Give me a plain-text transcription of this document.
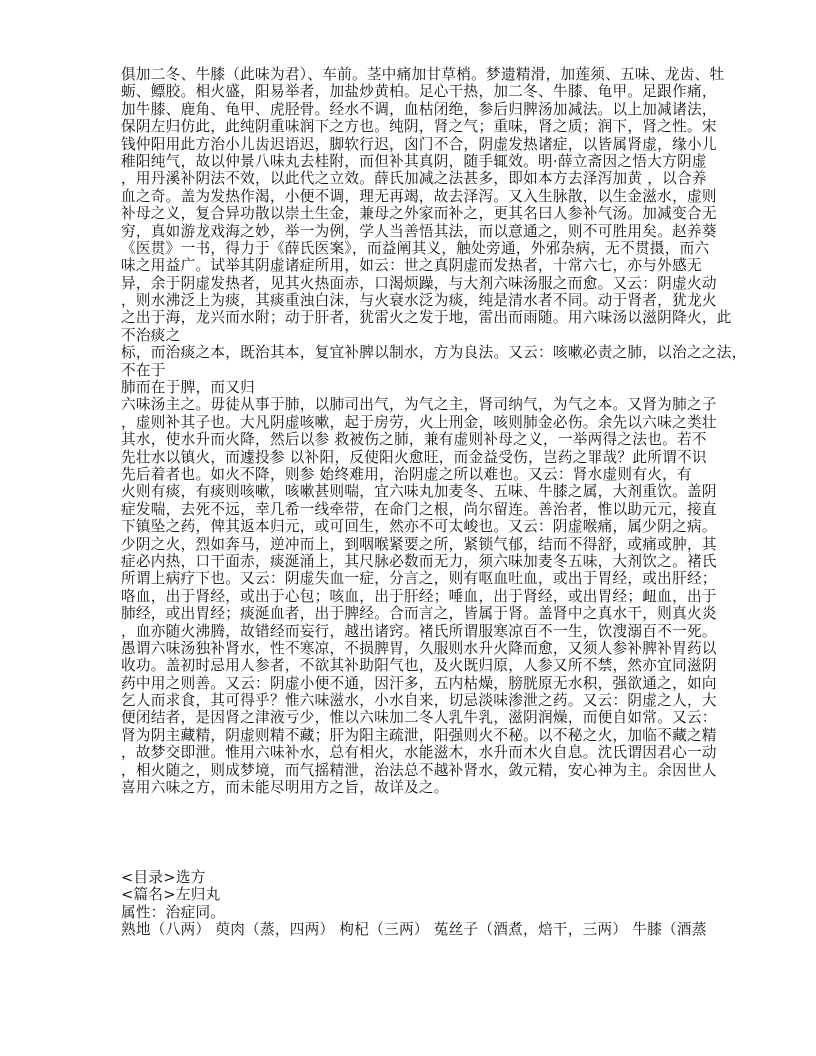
俱加二冬、牛膝（此味为君）、车前。茎中痛加甘草梢。梦遗精滑，加莲须、五味、龙齿、牡
蛎、鳔胶。相火盛，阳易举者，加盐炒黄柏。足心干热，加二冬、牛膝、龟甲。足跟作痛，
加牛膝、鹿角、龟甲、虎胫骨。经水不调，血枯闭绝，参后归脾汤加减法。以上加减诸法，
保阴左归仿此，此纯阴重味润下之方也。纯阴，肾之气；重味，肾之质；润下，肾之性。宋
钱仲阳用此方治小儿齿迟语迟，脚软行迟，囟门不合，阴虚发热诸症，以皆属肾虚，缘小儿
稚阳纯气，故以仲景八味丸去桂附，而但补其真阴，随手辄效。明·薛立斋因之悟大方阴虚
，用丹溪补阴法不效，以此代之立效。薛氏加减之法甚多，即如本方去泽泻加黄 ，以合养
血之奇。盖为发热作渴，小便不调，理无再竭，故去泽泻。又入生脉散，以生金滋水，虚则
补母之义，复合异功散以崇土生金，兼母之外家而补之，更其名曰人参补气汤。加减变合无
穷，真如游龙戏海之妙，举一为例，学人当善悟其法，而以意通之，则不可胜用矣。赵养葵
《医贯》一书，得力于《薛氏医案》，而益阐其义，触处旁通，外邪杂病，无不贯摄，而六
味之用益广。试举其阴虚诸症所用，如云：世之真阴虚而发热者，十常六七，亦与外感无
异，余于阴虚发热者，见其火热面赤，口渴烦躁，与大剂六味汤服之而愈。又云：阴虚火动
，则水沸泛上为痰，其痰重浊白沫，与火衰水泛为痰，纯是清水者不同。动于肾者，犹龙火
之出于海，龙兴而水附；动于肝者，犹雷火之发于地，雷出而雨随。用六味汤以滋阴降火，此
不治痰之
标，而治痰之本，既治其本，复宜补脾以制水，方为良法。又云：咳嗽必责之肺，以治之之法，
不在于
肺而在于脾，而又归
六味汤主之。毋徒从事于肺，以肺司出气，为气之主，肾司纳气，为气之本。又肾为肺之子
，虚则补其子也。大凡阴虚咳嗽，起于房劳，火上刑金，咳则肺金必伤。余先以六味之类壮
其水，使水升而火降，然后以参 救被伤之肺，兼有虚则补母之义，一举两得之法也。若不
先壮水以镇火，而遽投参 以补阳，反使阳火愈旺，而金益受伤，岂药之罪哉？此所谓不识
先后着者也。如火不降，则参 始终难用，治阴虚之所以难也。又云：肾水虚则有火，有
火则有痰，有痰则咳嗽，咳嗽甚则喘，宜六味丸加麦冬、五味、牛膝之属，大剂重饮。盖阴
症发喘，去死不远，幸几希一线牵带，在命门之根，尚尔留连。善治者，惟以助元元，接直
下镇坠之药，俾其返本归元，或可回生，然亦不可太峻也。又云：阴虚喉痛，属少阴之病。
少阴之火，烈如奔马，逆冲而上，到咽喉紧要之所，紧锁气郁，结而不得舒，或痛或肿，其
症必内热，口干面赤，痰涎涌上，其尺脉必数而无力，须六味加麦冬五味，大剂饮之。褚氏
所谓上病疗下也。又云：阴虚失血一症，分言之，则有呕血吐血，或出于胃经，或出肝经；
咯血，出于肾经，或出于心包；咳血，出于肝经；唾血，出于肾经，或出胃经；衄血，出于
肺经，或出胃经；痰涎血者，出于脾经。合而言之，皆属于肾。盖肾中之真水干，则真火炎
，血亦随火沸腾，故错经而妄行，越出诸窍。褚氏所谓服寒凉百不一生，饮溲溺百不一死。
愚谓六味汤独补肾水，性不寒凉，不损脾胃，久服则水升火降而愈，又须人参补脾补胃药以
收功。盖初时忌用人参者，不欲其补助阳气也，及火既归原，人参又所不禁，然亦宜同滋阴
药中用之则善。又云：阴虚小便不通，因汗多，五内枯燥，膀胱原无水积，强欲通之，如向
乞人而求食，其可得乎？惟六味滋水，小水自来，切忌淡味渗泄之药。又云：阴虚之人，大
便闭结者，是因肾之津液亏少，惟以六味加二冬人乳牛乳，滋阴润燥，而便自如常。又云：
肾为阴主藏精，阴虚则精不藏；肝为阳主疏泄，阳强则火不秘。以不秘之火，加临不藏之精
，故梦交即泄。惟用六味补水，总有相火，水能滋木，水升而木火自息。沈氏谓因君心一动
，相火随之，则成梦境，而气摇精泄，治法总不越补肾水，敛元精，安心神为主。余因世人
喜用六味之方，而未能尽明用方之旨，故详及之。
<目录>选方
<篇名>左归丸
属性：治症同。
熟地（八两） 萸肉（蒸，四两） 枸杞（三两） 菟丝子（酒煮，焙干，三两） 牛膝（酒蒸
